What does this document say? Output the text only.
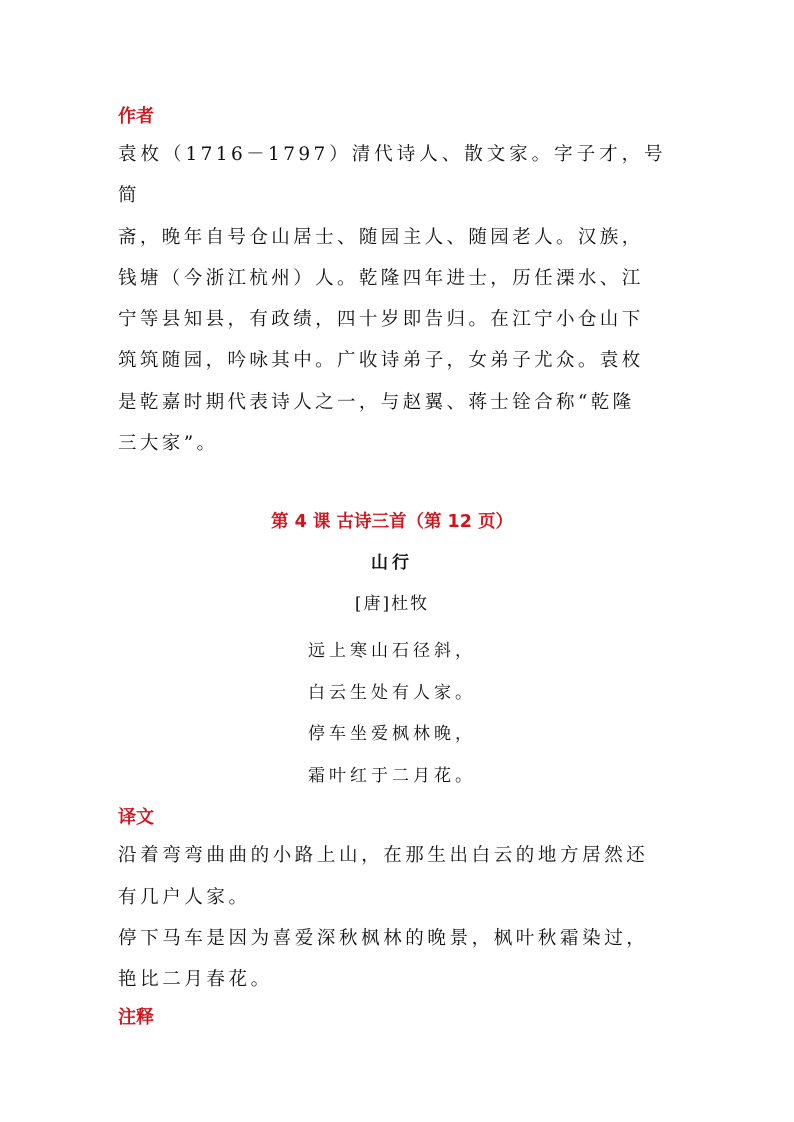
作者

袁枚（1716－1797）清代诗人、散文家。字子才，号简

斋，晚年自号仓山居士、随园主人、随园老人。汉族，

钱塘（今浙江杭州）人。乾隆四年进士，历任溧水、江

宁等县知县，有政绩，四十岁即告归。在江宁小仓山下

筑筑随园，吟咏其中。广收诗弟子，女弟子尤众。袁枚

是乾嘉时期代表诗人之一，与赵翼、蒋士铨合称“乾隆

三大家”。

第 4 课 古诗三首（第 12 页）
山行
[唐]杜牧
远上寒山石径斜，
白云生处有人家。
停车坐爱枫林晚，
霜叶红于二月花。

译文

沿着弯弯曲曲的小路上山，在那生出白云的地方居然还

有几户人家。

停下马车是因为喜爱深秋枫林的晚景，枫叶秋霜染过，

艳比二月春花。

注释
